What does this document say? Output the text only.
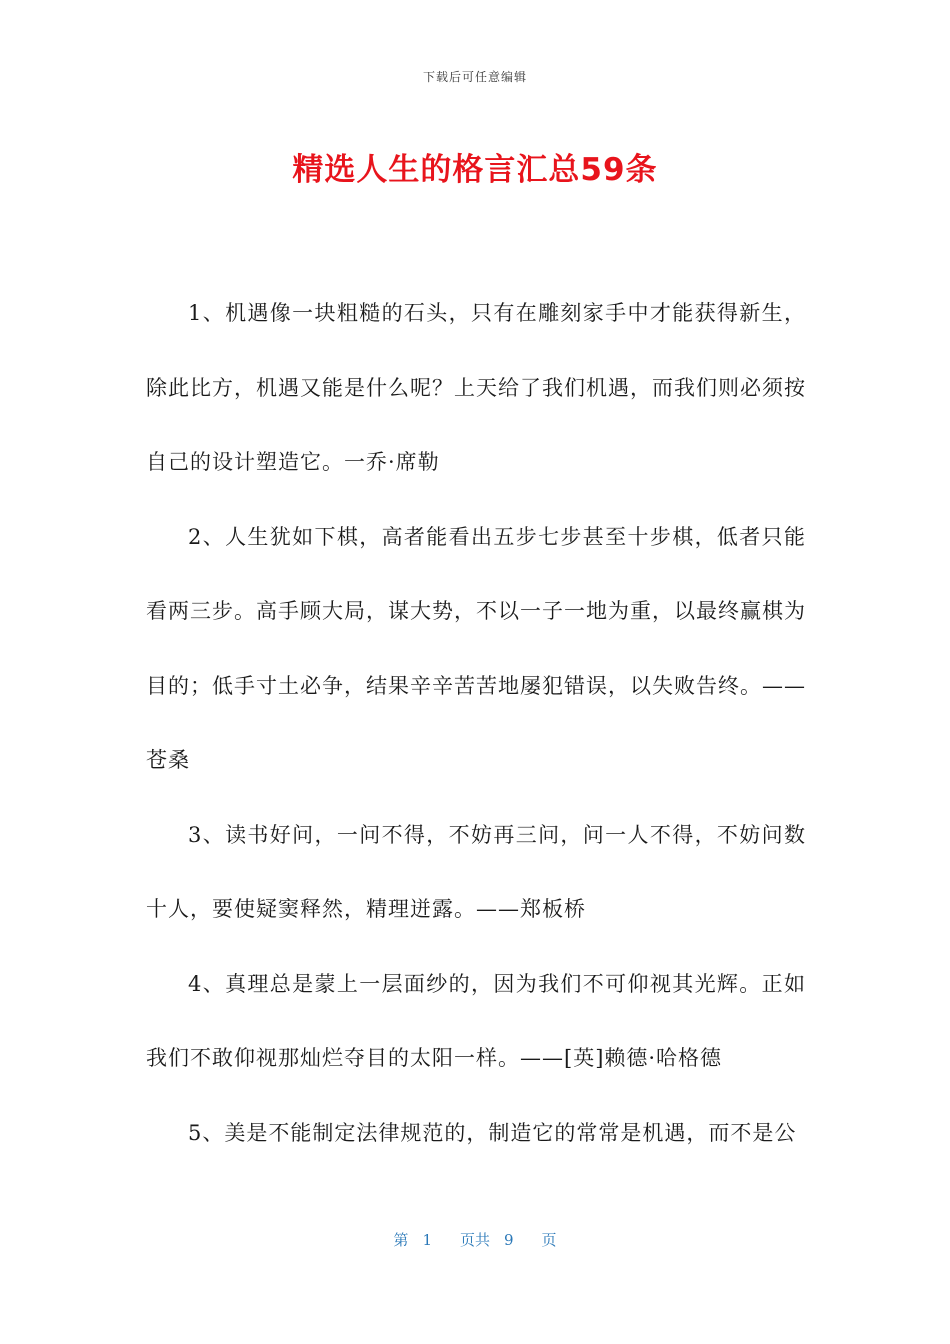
下载后可任意编辑
精选人生的格言汇总59条

1、机遇像一块粗糙的石头，只有在雕刻家手中才能获得新生，除此比方，机遇又能是什么呢？上天给了我们机遇，而我们则必须按自己的设计塑造它。一乔·席勒

2、人生犹如下棋，高者能看出五步七步甚至十步棋，低者只能看两三步。高手顾大局，谋大势，不以一子一地为重，以最终赢棋为目的；低手寸土必争，结果辛辛苦苦地屡犯错误，以失败告终。——苍桑

3、读书好问，一问不得，不妨再三问，问一人不得，不妨问数十人，要使疑窦释然，精理迸露。——郑板桥

4、真理总是蒙上一层面纱的，因为我们不可仰视其光辉。正如我们不敢仰视那灿烂夺目的太阳一样。——[英]赖德·哈格德

5、美是不能制定法律规范的，制造它的常常是机遇，而不是公

第 1 页共 9 页
